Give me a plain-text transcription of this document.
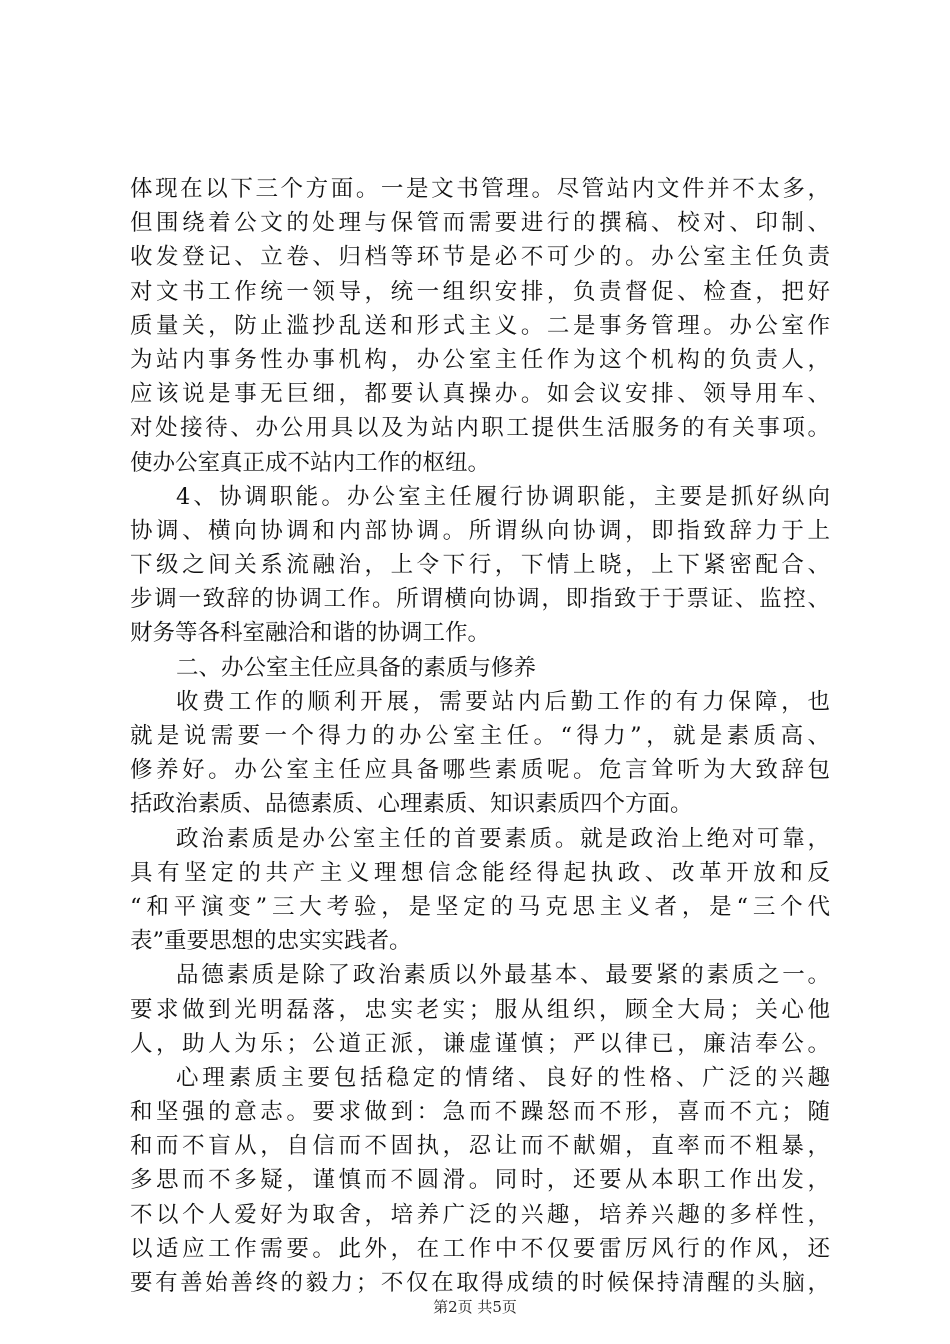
体现在以下三个方面。一是文书管理。尽管站内文件并不太多，
但围绕着公文的处理与保管而需要进行的撰稿、校对、印制、
收发登记、立卷、归档等环节是必不可少的。办公室主任负责
对文书工作统一领导，统一组织安排，负责督促、检查，把好
质量关，防止滥抄乱送和形式主义。二是事务管理。办公室作
为站内事务性办事机构，办公室主任作为这个机构的负责人，
应该说是事无巨细，都要认真操办。如会议安排、领导用车、
对处接待、办公用具以及为站内职工提供生活服务的有关事项。
使办公室真正成不站内工作的枢纽。
4、协调职能。办公室主任履行协调职能，主要是抓好纵向
协调、横向协调和内部协调。所谓纵向协调，即指致辞力于上
下级之间关系流融治，上令下行，下情上晓，上下紧密配合、
步调一致辞的协调工作。所谓横向协调，即指致于于票证、监控、
财务等各科室融洽和谐的协调工作。
二、办公室主任应具备的素质与修养
收费工作的顺利开展，需要站内后勤工作的有力保障，也
就是说需要一个得力的办公室主任。“得力”，就是素质高、
修养好。办公室主任应具备哪些素质呢。危言耸听为大致辞包
括政治素质、品德素质、心理素质、知识素质四个方面。
政治素质是办公室主任的首要素质。就是政治上绝对可靠，
具有坚定的共产主义理想信念能经得起执政、改革开放和反
“和平演变”三大考验，是坚定的马克思主义者，是“三个代
表”重要思想的忠实实践者。
品德素质是除了政治素质以外最基本、最要紧的素质之一。
要求做到光明磊落，忠实老实；服从组织，顾全大局；关心他
人，助人为乐；公道正派，谦虚谨慎；严以律已，廉洁奉公。
心理素质主要包括稳定的情绪、良好的性格、广泛的兴趣
和坚强的意志。要求做到：急而不躁怒而不形，喜而不亢；随
和而不盲从，自信而不固执，忍让而不献媚，直率而不粗暴，
多思而不多疑，谨慎而不圆滑。同时，还要从本职工作出发，
不以个人爱好为取舍，培养广泛的兴趣，培养兴趣的多样性，
以适应工作需要。此外，在工作中不仅要雷厉风行的作风，还
要有善始善终的毅力；不仅在取得成绩的时候保持清醒的头脑，
第2页 共5页
